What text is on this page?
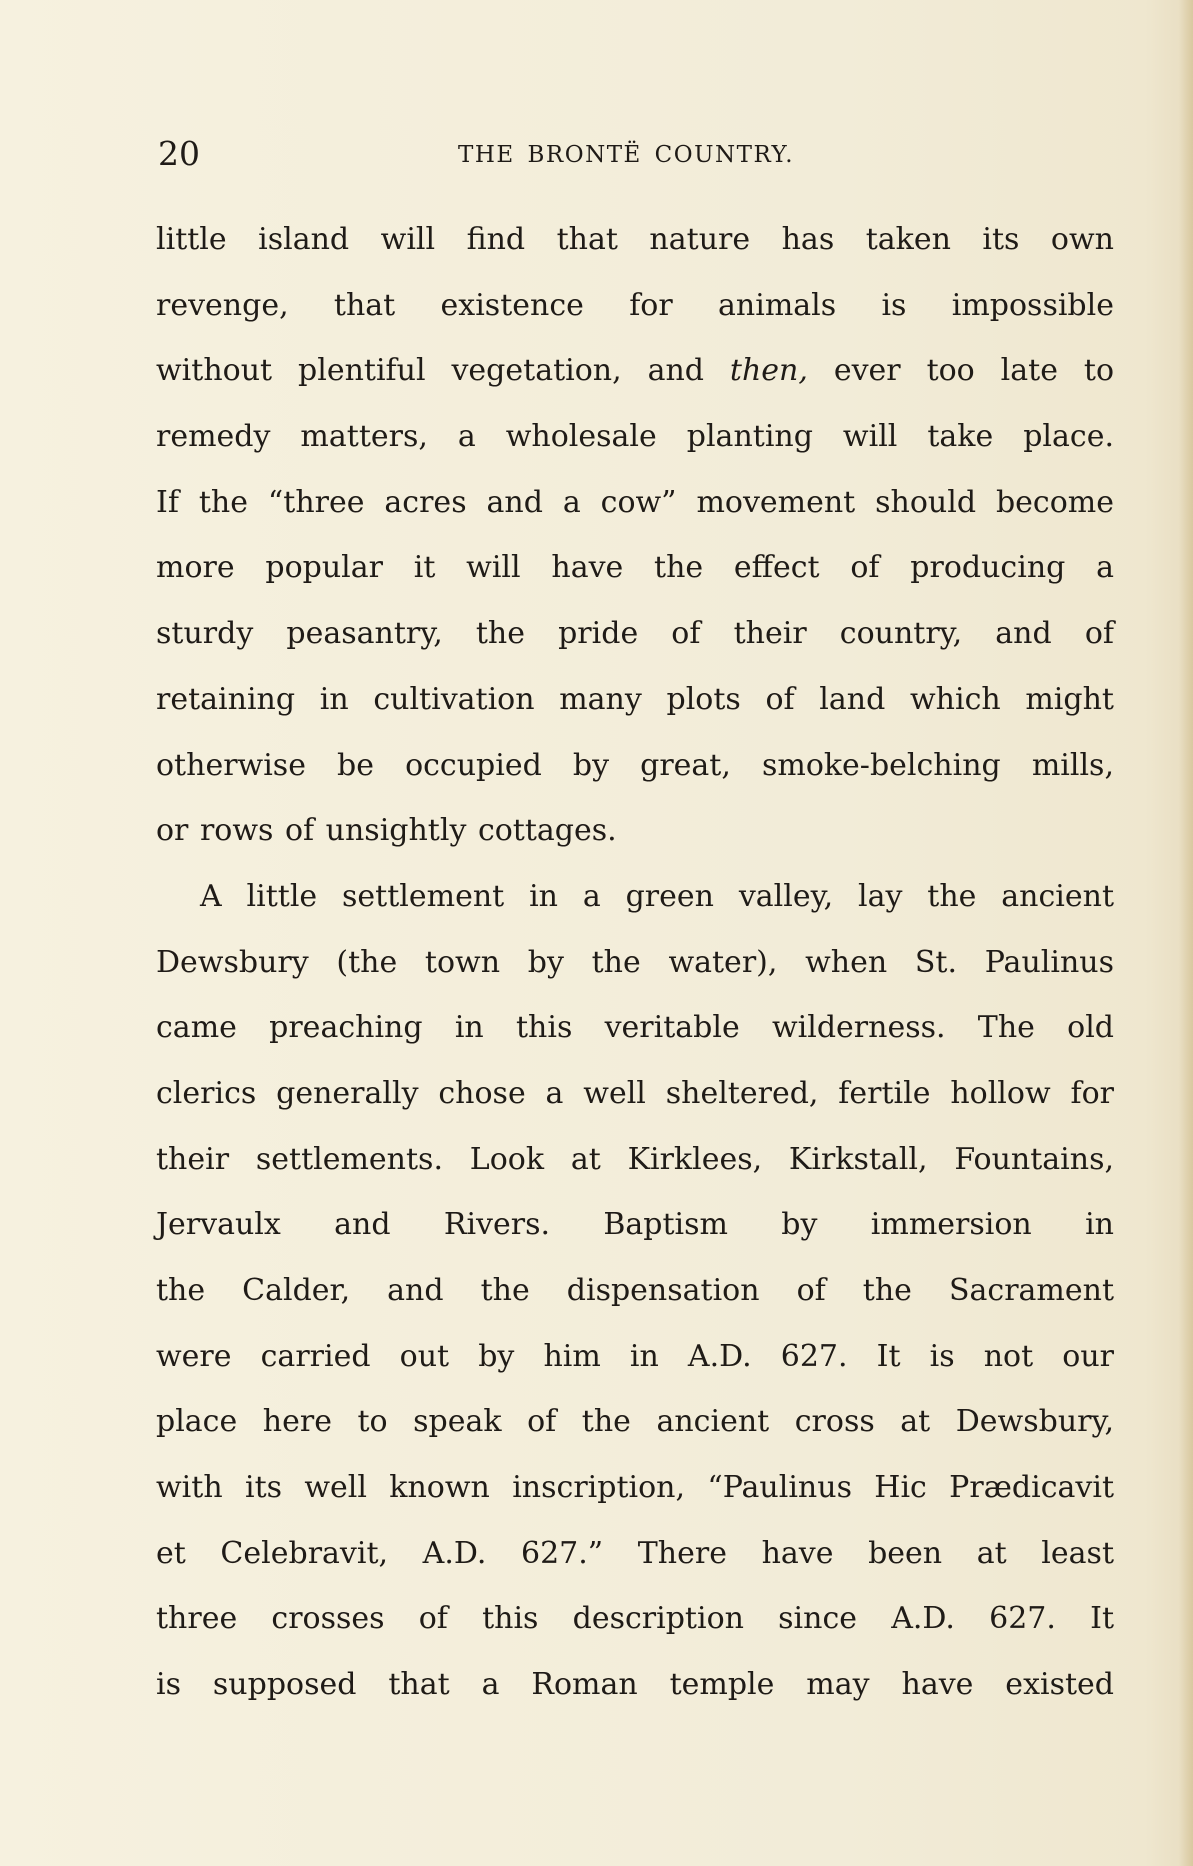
20	THE BRONTË COUNTRY.
little island will find that nature has taken its own
revenge, that existence for animals is impossible
without plentiful vegetation, and then, ever too late to
remedy matters, a wholesale planting will take place.
If the “three acres and a cow” movement should become
more popular it will have the effect of producing a
sturdy peasantry, the pride of their country, and of
retaining in cultivation many plots of land which might
otherwise be occupied by great, smoke-belching mills,
or rows of unsightly cottages.
A little settlement in a green valley, lay the ancient
Dewsbury (the town by the water), when St. Paulinus
came preaching in this veritable wilderness. The old
clerics generally chose a well sheltered, fertile hollow for
their settlements. Look at Kirklees, Kirkstall, Fountains,
Jervaulx and Rivers. Baptism by immersion in
the Calder, and the dispensation of the Sacrament
were carried out by him in A.D. 627. It is not our
place here to speak of the ancient cross at Dewsbury,
with its well known inscription, “Paulinus Hic Prædicavit
et Celebravit, A.D. 627.” There have been at least
three crosses of this description since A.D. 627. It
is supposed that a Roman temple may have existed
